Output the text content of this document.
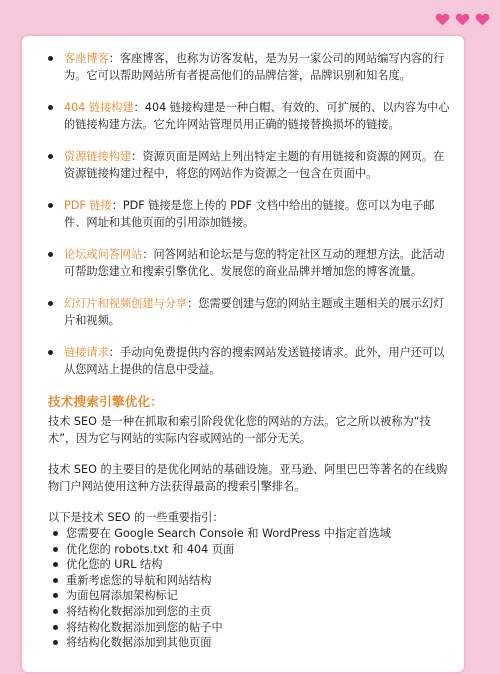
客座博客：客座博客，也称为访客发帖，是为另一家公司的网站编写内容的行为。它可以帮助网站所有者提高他们的品牌信誉，品牌识别和知名度。
404 链接构建：404 链接构建是一种白帽、有效的、可扩展的、以内容为中心的链接构建方法。它允许网站管理员用正确的链接替换损坏的链接。
资源链接构建：资源页面是网站上列出特定主题的有用链接和资源的网页。在资源链接构建过程中，将您的网站作为资源之一包含在页面中。
PDF 链接：PDF 链接是您上传的 PDF 文档中给出的链接。您可以为电子邮件、网址和其他页面的引用添加链接。
论坛或问答网站：问答网站和论坛是与您的特定社区互动的理想方法。此活动可帮助您建立和搜索引擎优化、发展您的商业品牌并增加您的博客流量。
幻灯片和视频创建与分享：您需要创建与您的网站主题或主题相关的展示幻灯片和视频。
链接请求：手动向免费提供内容的搜索网站发送链接请求。此外，用户还可以从您网站上提供的信息中受益。
技术搜索引擎优化：

技术 SEO 是一种在抓取和索引阶段优化您的网站的方法。它之所以被称为“技术”，因为它与网站的实际内容或网站的一部分无关。

技术 SEO 的主要目的是优化网站的基础设施。亚马逊、阿里巴巴等著名的在线购物门户网站使用这种方法获得最高的搜索引擎排名。

以下是技术 SEO 的一些重要指引：

您需要在 Google Search Console 和 WordPress 中指定首选域
优化您的 robots.txt 和 404 页面
优化您的 URL 结构
重新考虑您的导航和网站结构
为面包屑添加架构标记
将结构化数据添加到您的主页
将结构化数据添加到您的帖子中
将结构化数据添加到其他页面
